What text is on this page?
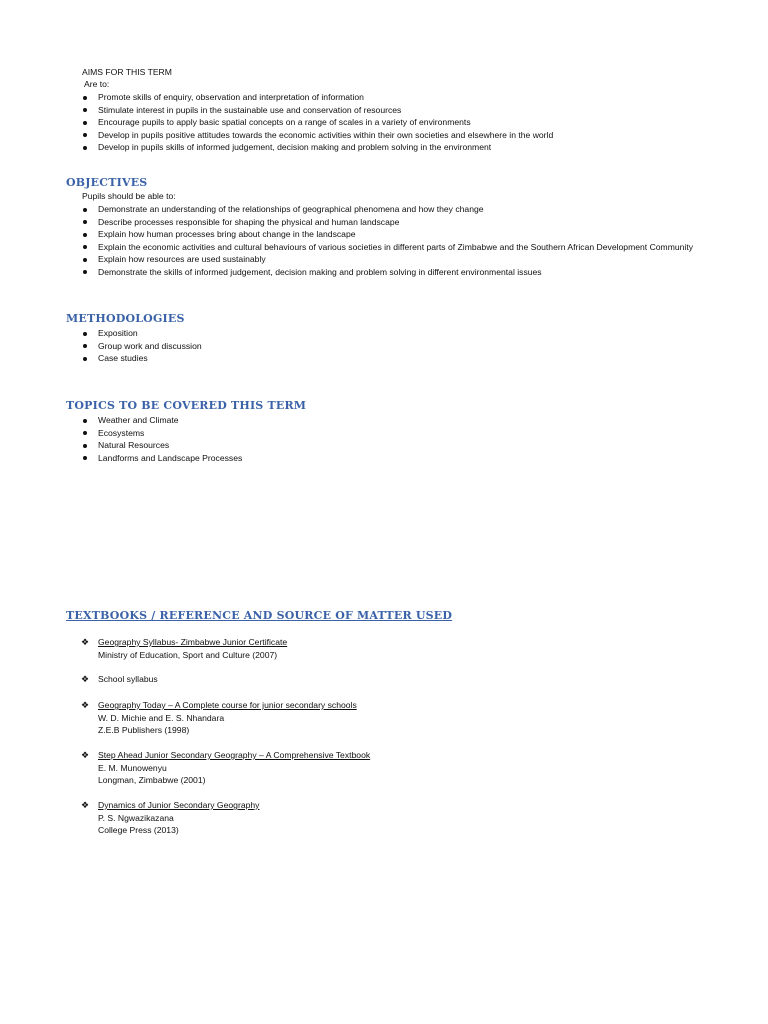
AIMS FOR THIS TERM
Are to:
Promote skills of enquiry, observation and interpretation of information
Stimulate interest in pupils in the sustainable use and conservation of resources
Encourage pupils to apply basic spatial concepts on a range of scales in a variety of environments
Develop in pupils positive attitudes towards the economic activities within their own societies and elsewhere in the world
Develop in pupils skills of informed judgement, decision making and problem solving in the environment
OBJECTIVES
Pupils should be able to:
Demonstrate an understanding of the relationships of geographical phenomena and how they change
Describe processes responsible for shaping the physical and human landscape
Explain how human processes bring about change in the landscape
Explain the economic activities and cultural behaviours of various societies in different parts of Zimbabwe and the Southern African Development Community
Explain how resources are used sustainably
Demonstrate the skills of informed judgement, decision making and problem solving in different environmental issues
METHODOLOGIES
Exposition
Group work and discussion
Case studies
TOPICS TO BE COVERED THIS TERM
Weather and Climate
Ecosystems
Natural Resources
Landforms and Landscape Processes
TEXTBOOKS / REFERENCE AND SOURCE OF MATTER USED
❖	Geography Syllabus- Zimbabwe Junior Certificate
Ministry of Education, Sport and Culture (2007)
❖	School syllabus
❖	Geography Today – A Complete course for junior secondary schools
W. D. Michie and E. S. Nhandara
Z.E.B Publishers (1998)
❖	Step Ahead Junior Secondary Geography – A Comprehensive Textbook
E. M. Munowenyu
Longman, Zimbabwe (2001)
❖	Dynamics of Junior Secondary Geography
P. S. Ngwazikazana
College Press (2013)
